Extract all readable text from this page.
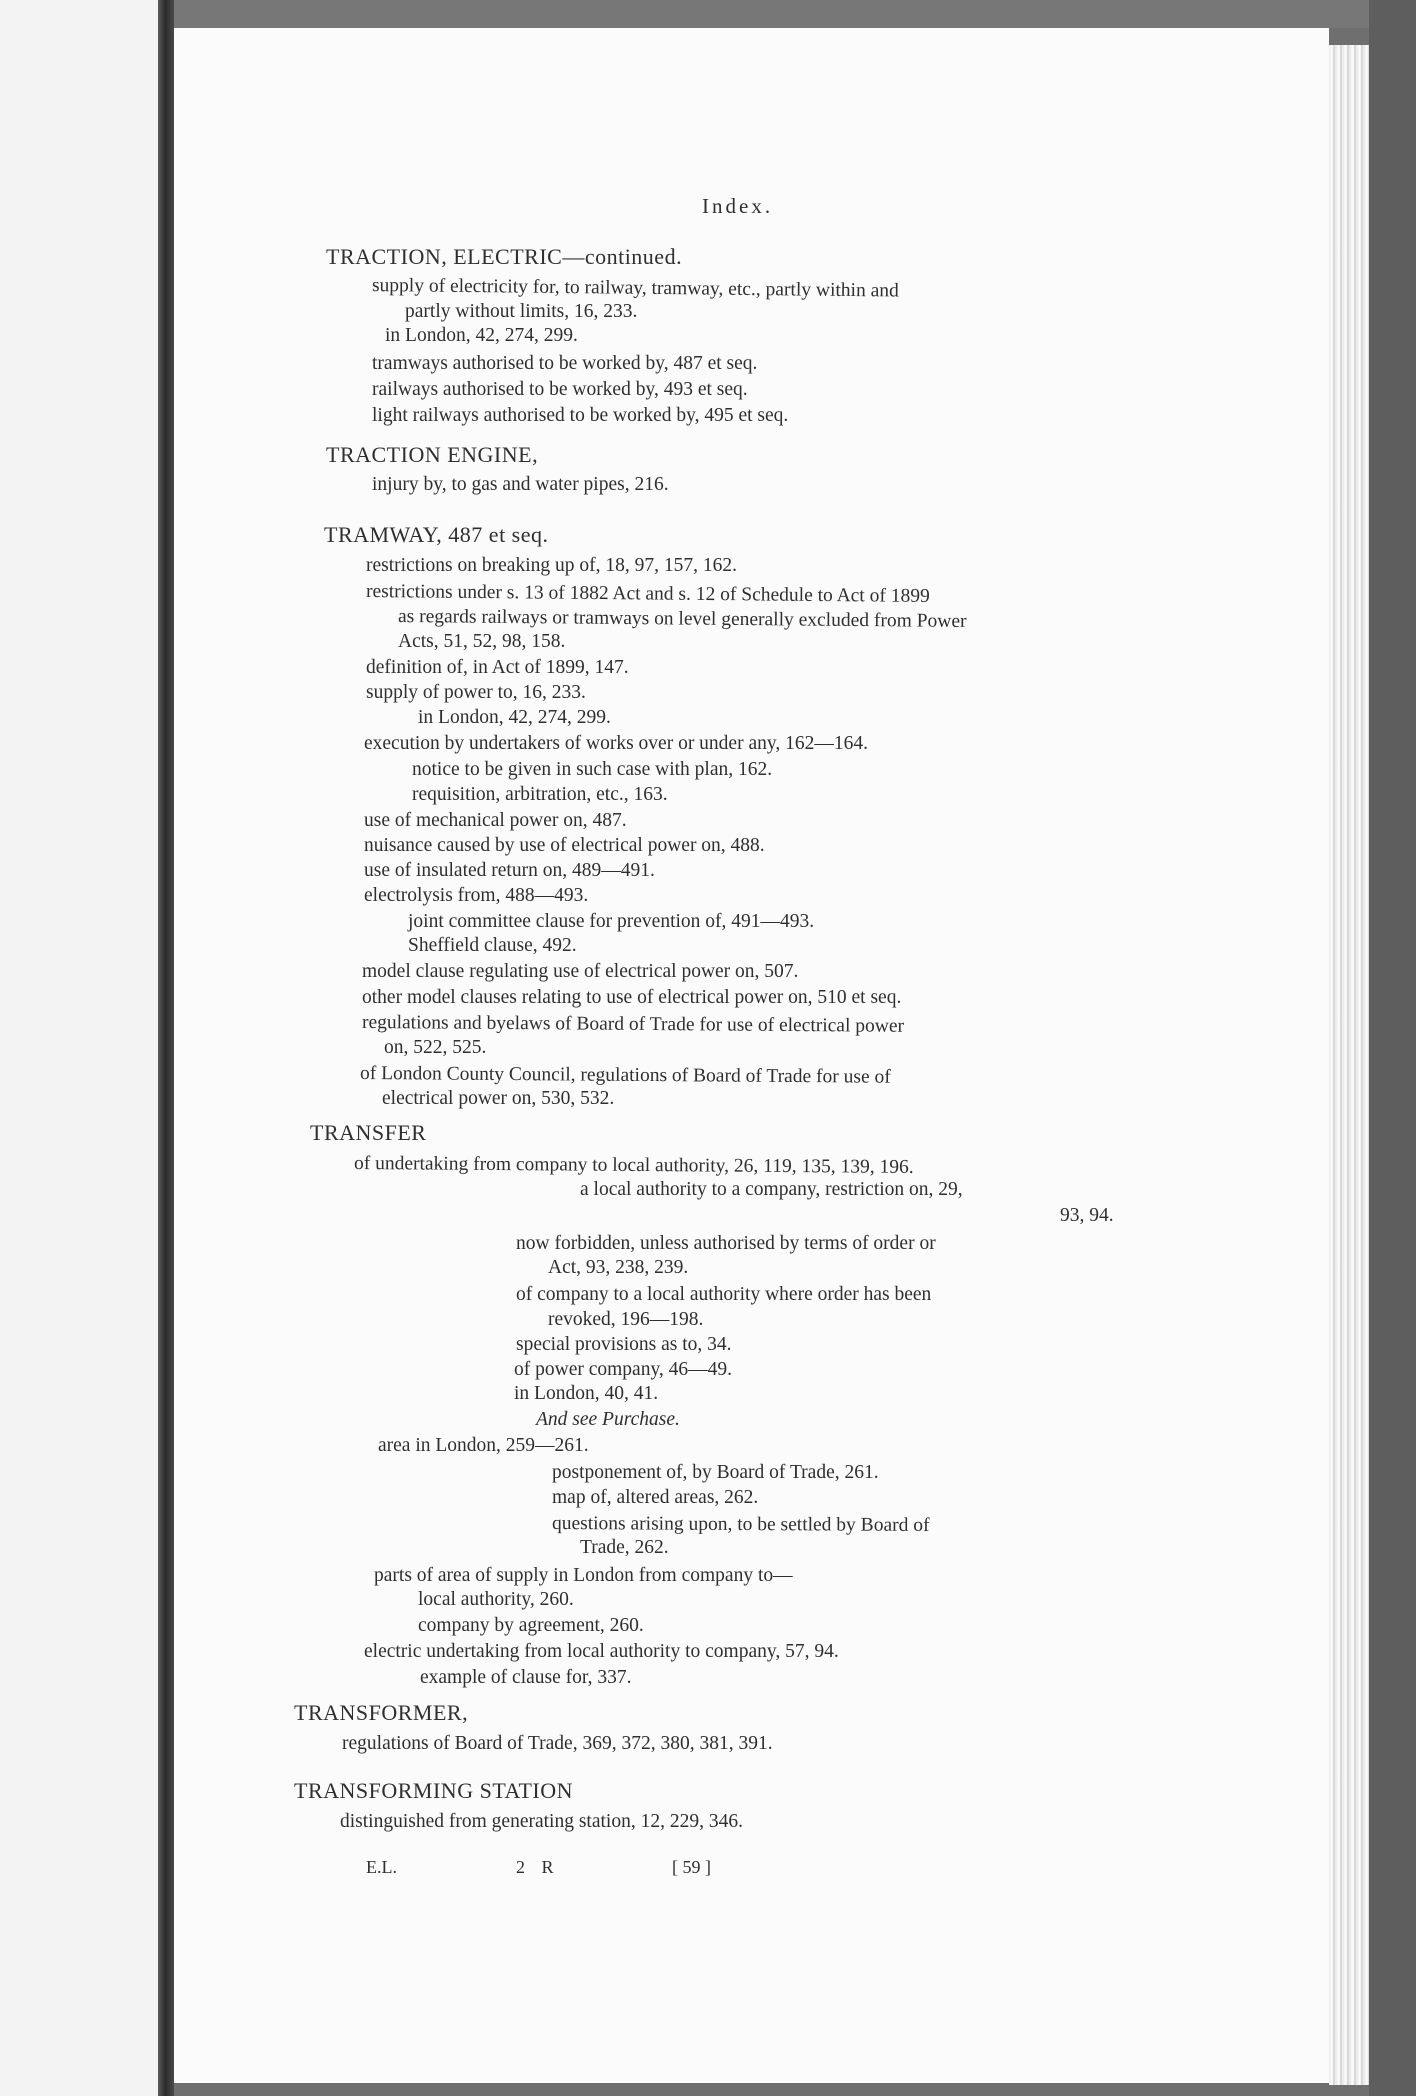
Index.
TRACTION, ELECTRIC—continued.
supply of electricity for, to railway, tramway, etc., partly within and
partly without limits, 16, 233.
in London, 42, 274, 299.
tramways authorised to be worked by, 487 et seq.
railways authorised to be worked by, 493 et seq.
light railways authorised to be worked by, 495 et seq.
TRACTION ENGINE,
injury by, to gas and water pipes, 216.
TRAMWAY, 487 et seq.
restrictions on breaking up of, 18, 97, 157, 162.
restrictions under s. 13 of 1882 Act and s. 12 of Schedule to Act of 1899
as regards railways or tramways on level generally excluded from Power
Acts, 51, 52, 98, 158.
definition of, in Act of 1899, 147.
supply of power to, 16, 233.
in London, 42, 274, 299.
execution by undertakers of works over or under any, 162—164.
notice to be given in such case with plan, 162.
requisition, arbitration, etc., 163.
use of mechanical power on, 487.
nuisance caused by use of electrical power on, 488.
use of insulated return on, 489—491.
electrolysis from, 488—493.
joint committee clause for prevention of, 491—493.
Sheffield clause, 492.
model clause regulating use of electrical power on, 507.
other model clauses relating to use of electrical power on, 510 et seq.
regulations and byelaws of Board of Trade for use of electrical power
on, 522, 525.
of London County Council, regulations of Board of Trade for use of
electrical power on, 530, 532.
TRANSFER
of undertaking from company to local authority, 26, 119, 135, 139, 196.
a local authority to a company, restriction on, 29,
93, 94.
now forbidden, unless authorised by terms of order or
Act, 93, 238, 239.
of company to a local authority where order has been
revoked, 196—198.
special provisions as to, 34.
of power company, 46—49.
in London, 40, 41.
And see Purchase.
area in London, 259—261.
postponement of, by Board of Trade, 261.
map of, altered areas, 262.
questions arising upon, to be settled by Board of
Trade, 262.
parts of area of supply in London from company to—
local authority, 260.
company by agreement, 260.
electric undertaking from local authority to company, 57, 94.
example of clause for, 337.
TRANSFORMER,
regulations of Board of Trade, 369, 372, 380, 381, 391.
TRANSFORMING STATION
distinguished from generating station, 12, 229, 346.
E.L.	2 R	[ 59 ]
